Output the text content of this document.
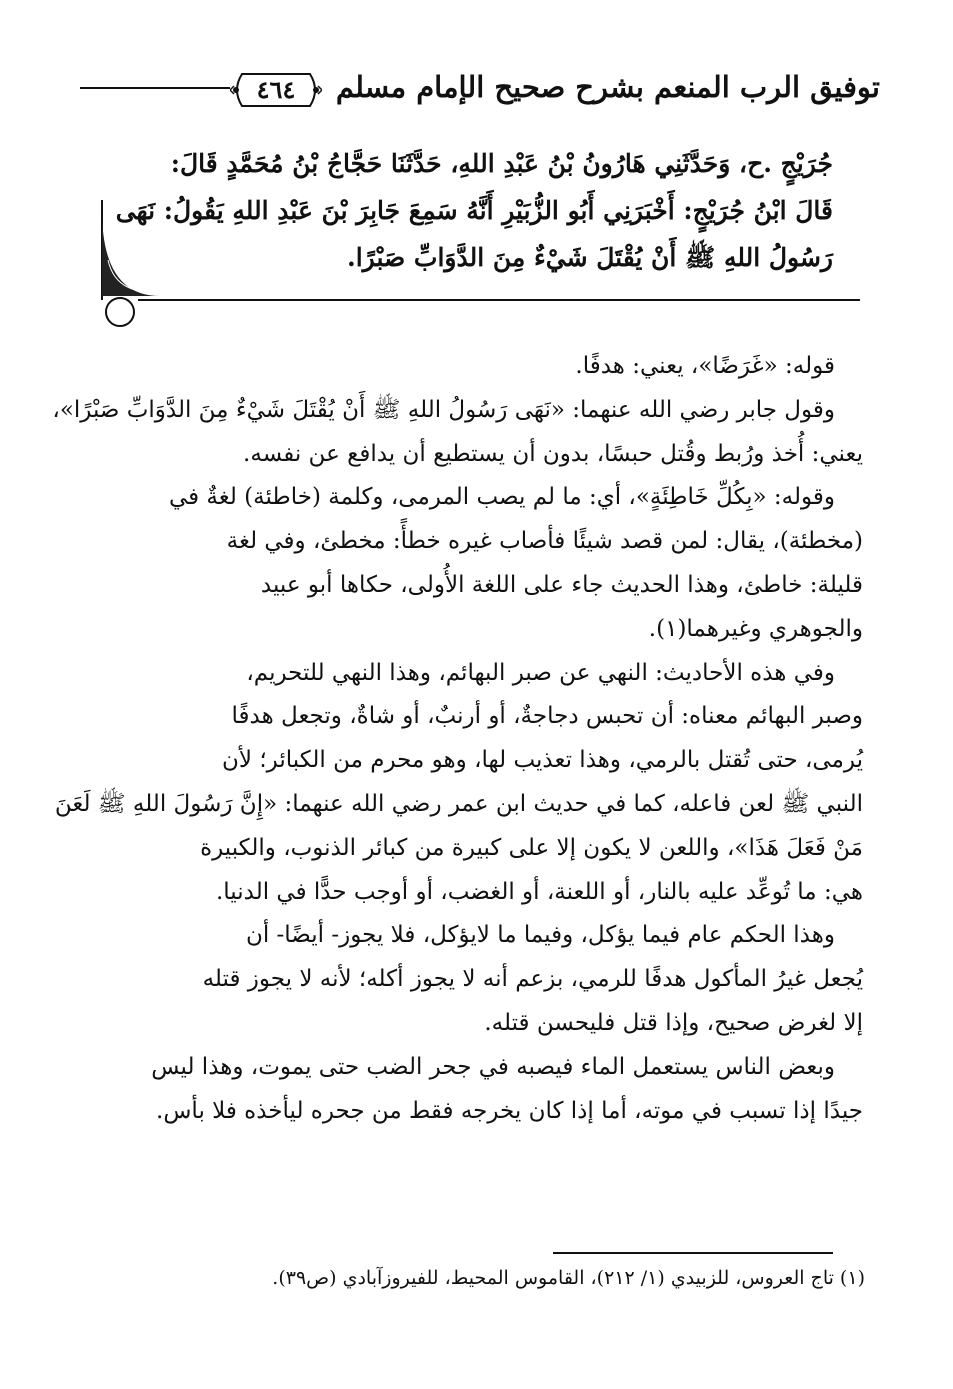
٤٦٤	توفيق الرب المنعم بشرح صحيح الإمام مسلم
جُرَيْجٍ .ح، وَحَدَّثَنِي هَارُونُ بْنُ عَبْدِ اللهِ، حَدَّثَنَا حَجَّاجُ بْنُ مُحَمَّدٍ قَالَ:
قَالَ ابْنُ جُرَيْجٍ: أَخْبَرَنِي أَبُو الزُّبَيْرِ أَنَّهُ سَمِعَ جَابِرَ بْنَ عَبْدِ اللهِ يَقُولُ: نَهَى
رَسُولُ اللهِ ﷺ أَنْ يُقْتَلَ شَيْءٌ مِنَ الدَّوَابِّ صَبْرًا.

قوله: «غَرَضًا»، يعني: هدفًا.

وقول جابر رضي الله عنهما: «نَهَى رَسُولُ اللهِ ﷺ أَنْ يُقْتَلَ شَيْءٌ مِنَ الدَّوَابِّ صَبْرًا»،
يعني: أُخذ ورُبط وقُتل حبسًا، بدون أن يستطيع أن يدافع عن نفسه.

وقوله: «بِكُلِّ خَاطِئَةٍ»، أي: ما لم يصب المرمى، وكلمة (خاطئة) لغةٌ في
(مخطئة)، يقال: لمن قصد شيئًا فأصاب غيره خطأً: مخطئ، وفي لغة
قليلة: خاطئ، وهذا الحديث جاء على اللغة الأُولى، حكاها أبو عبيد
والجوهري وغيرهما(١).

وفي هذه الأحاديث: النهي عن صبر البهائم، وهذا النهي للتحريم،
وصبر البهائم معناه: أن تحبس دجاجةٌ، أو أرنبٌ، أو شاةٌ، وتجعل هدفًا
يُرمى، حتى تُقتل بالرمي، وهذا تعذيب لها، وهو محرم من الكبائر؛ لأن
النبي ﷺ لعن فاعله، كما في حديث ابن عمر رضي الله عنهما: «إِنَّ رَسُولَ اللهِ ﷺ لَعَنَ
مَنْ فَعَلَ هَذَا»، واللعن لا يكون إلا على كبيرة من كبائر الذنوب، والكبيرة
هي: ما تُوعِّد عليه بالنار، أو اللعنة، أو الغضب، أو أوجب حدًّا في الدنيا.

وهذا الحكم عام فيما يؤكل، وفيما ما لايؤكل، فلا يجوز- أيضًا- أن
يُجعل غيرُ المأكول هدفًا للرمي، بزعم أنه لا يجوز أكله؛ لأنه لا يجوز قتله
إلا لغرض صحيح، وإذا قتل فليحسن قتله.

وبعض الناس يستعمل الماء فيصبه في جحر الضب حتى يموت، وهذا ليس
جيدًا إذا تسبب في موته، أما إذا كان يخرجه فقط من جحره ليأخذه فلا بأس.

(١) تاج العروس، للزبيدي (١/ ٢١٢)، القاموس المحيط، للفيروزآبادي (ص٣٩).
